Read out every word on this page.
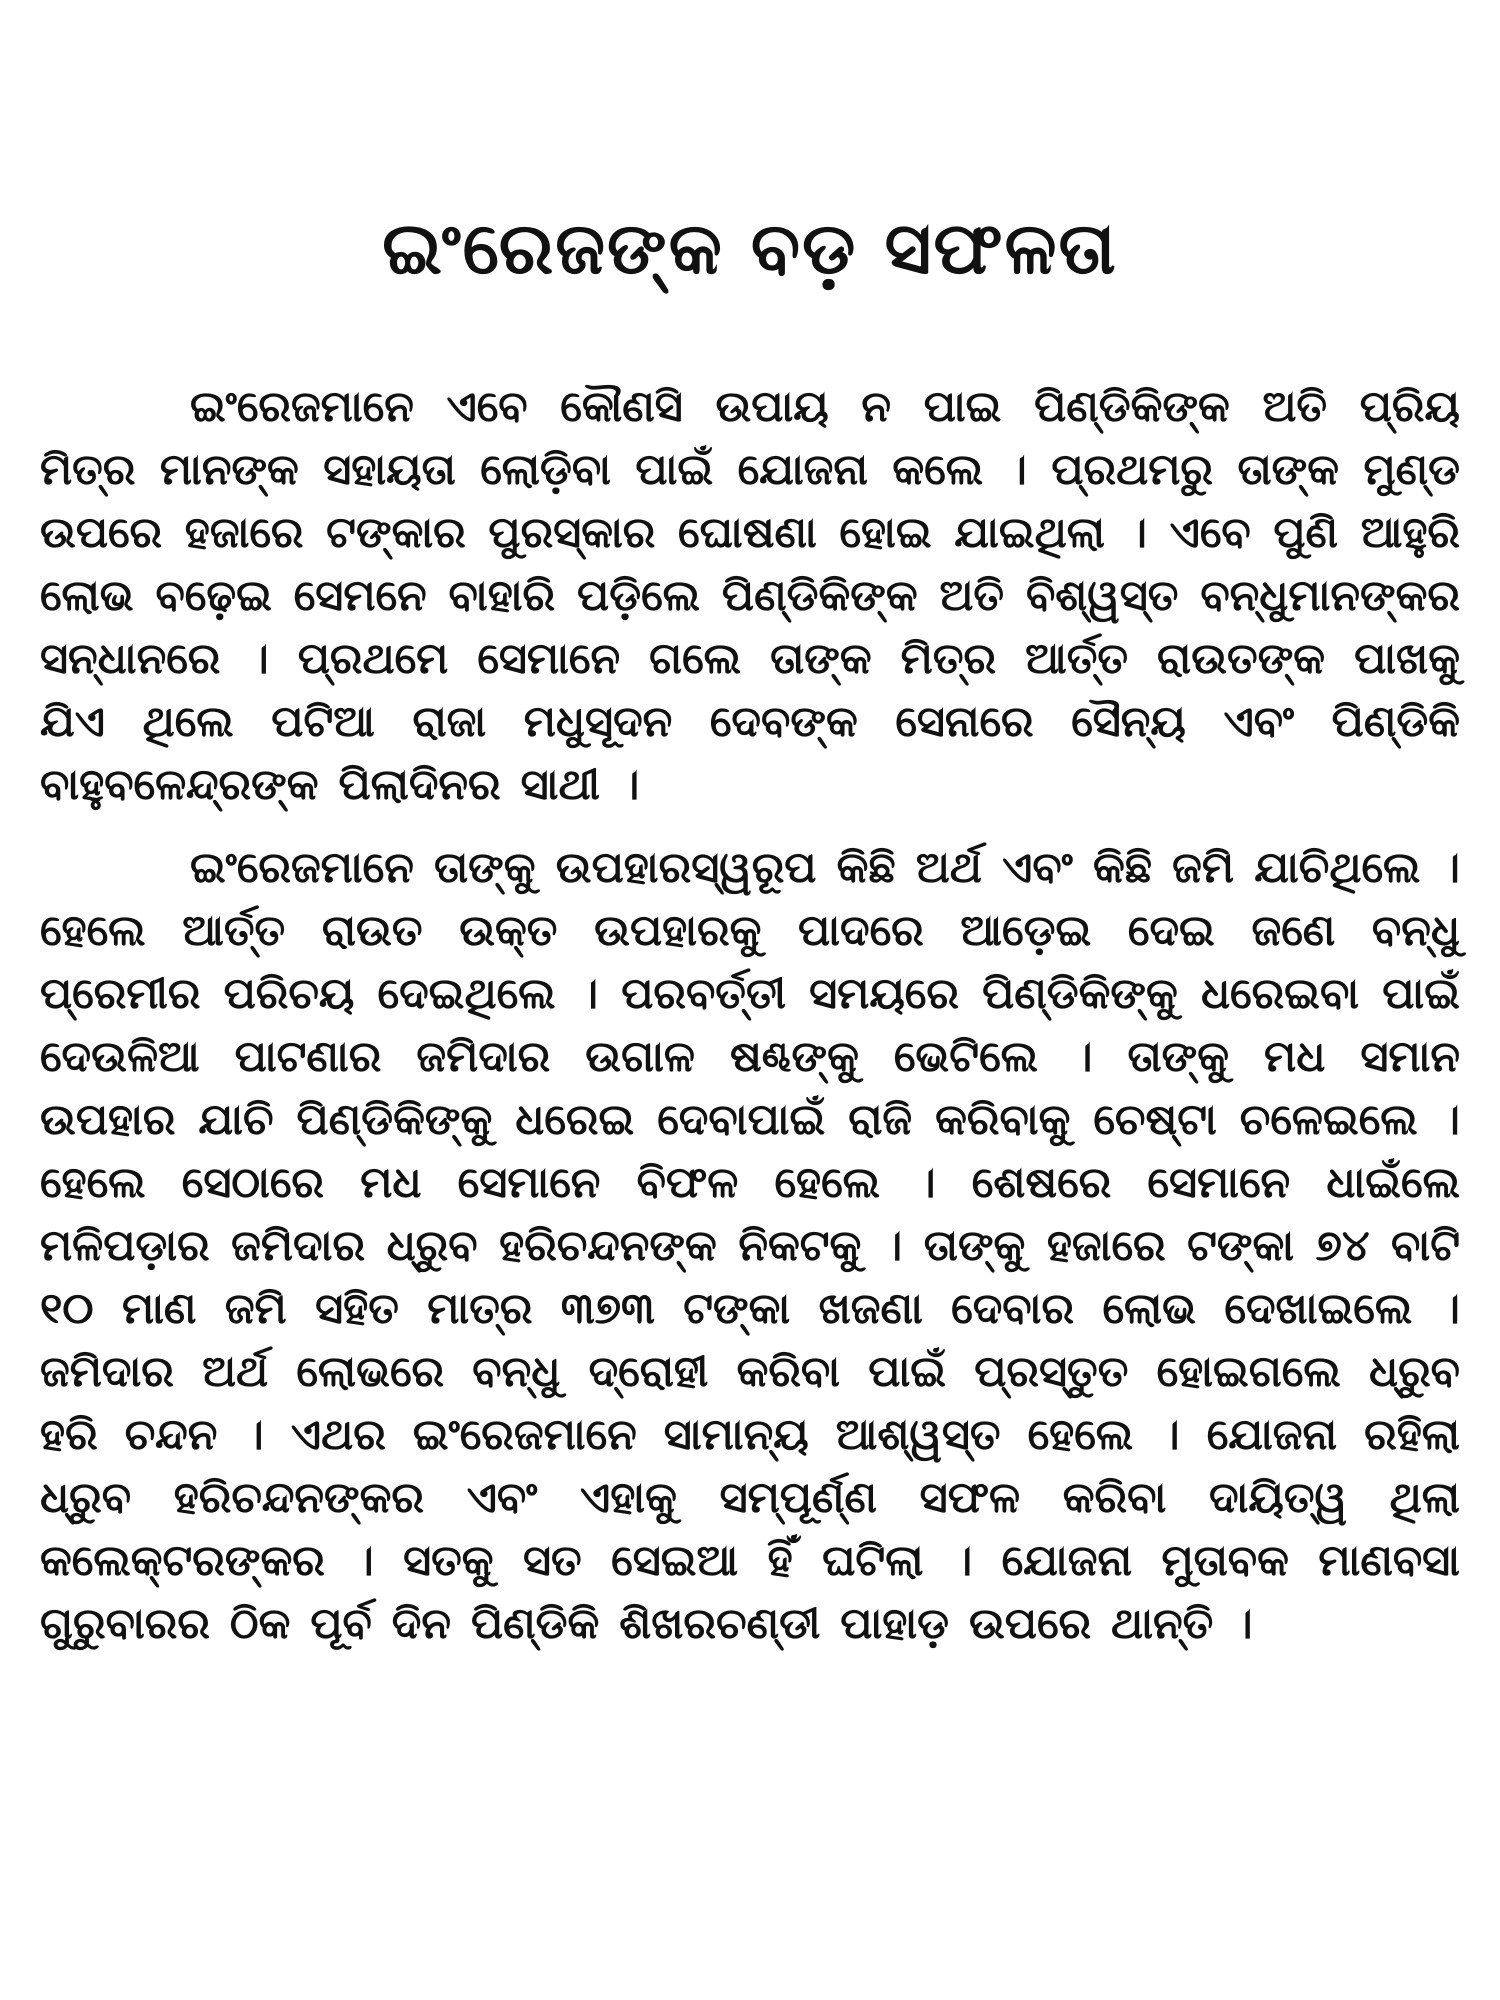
ଇଂରେଜଙ୍କ ବଡ଼ ସଫଳତା

ଇଂରେଜମାନେ ଏବେ କୌଣସି ଉପାୟ ନ ପାଇ ପିଣ୍ଡିକିଙ୍କ ଅତି ପ୍ରିୟ ମିତ୍ର ମାନଙ୍କ ସହାୟତା ଲୋଡ଼ିବା ପାଇଁ ଯୋଜନା କଲେ । ପ୍ରଥମରୁ ତାଙ୍କ ମୁଣ୍ଡ ଉପରେ ହଜାରେ ଟଙ୍କାର ପୁରସ୍କାର ଘୋଷଣା ହୋଇ ଯାଇଥିଲା । ଏବେ ପୁଣି ଆହୁରି ଲୋଭ ବଢ଼େଇ ସେମନେ ବାହାରି ପଡ଼ିଲେ ପିଣ୍ଡିକିଙ୍କ ଅତି ବିଶ୍ୱସ୍ତ ବନ୍ଧୁମାନଙ୍କର ସନ୍ଧାନରେ । ପ୍ରଥମେ ସେମାନେ ଗଲେ ତାଙ୍କ ମିତ୍ର ଆର୍ତ୍ତ ରାଉତଙ୍କ ପାଖକୁ ଯିଏ ଥିଲେ ପଟିଆ ରାଜା ମଧୁସୂଦନ ଦେବଙ୍କ ସେନାରେ ସୈନ୍ୟ ଏବଂ ପିଣ୍ଡିକି ବାହୁବଳେନ୍ଦ୍ରଙ୍କ ପିଲାଦିନର ସାଥୀ ।

ଇଂରେଜମାନେ ତାଙ୍କୁ ଉପହାରସ୍ୱରୂପ କିଛି ଅର୍ଥ ଏବଂ କିଛି ଜମି ଯାଚିଥିଲେ । ହେଲେ ଆର୍ତ୍ତ ରାଉତ ଉକ୍ତ ଉପହାରକୁ ପାଦରେ ଆଡ଼େଇ ଦେଇ ଜଣେ ବନ୍ଧୁ ପ୍ରେମୀର ପରିଚୟ ଦେଇଥିଲେ । ପରବର୍ତ୍ତୀ ସମୟରେ ପିଣ୍ଡିକିଙ୍କୁ ଧରେଇବା ପାଇଁ ଦେଉଳିଆ ପାଟଣାର ଜମିଦାର ଉଗାଳ ଷଣ୍ଢଙ୍କୁ ଭେଟିଲେ । ତାଙ୍କୁ ମଧ ସମାନ ଉପହାର ଯାଚି ପିଣ୍ଡିକିଙ୍କୁ ଧରେଇ ଦେବାପାଇଁ ରାଜି କରିବାକୁ ଚେଷ୍ଟା ଚଳେଇଲେ । ହେଲେ ସେଠାରେ ମଧ ସେମାନେ ବିଫଳ ହେଲେ । ଶେଷରେ ସେମାନେ ଧାଇଁଲେ ମଳିପଡ଼ାର ଜମିଦାର ଧ୍ରୁବ ହରିଚନ୍ଦନଙ୍କ ନିକଟକୁ । ତାଙ୍କୁ ହଜାରେ ଟଙ୍କା ୭୪ ବାଟି ୧୦ ମାଣ ଜମି ସହିତ ମାତ୍ର ୩୭୩ ଟଙ୍କା ଖଜଣା ଦେବାର ଲୋଭ ଦେଖାଇଲେ । ଜମିଦାର ଅର୍ଥ ଲୋଭରେ ବନ୍ଧୁ ଦ୍ରୋହୀ କରିବା ପାଇଁ ପ୍ରସ୍ତୁତ ହୋଇଗଲେ ଧ୍ରୁବ ହରି ଚନ୍ଦନ । ଏଥର ଇଂରେଜମାନେ ସାମାନ୍ୟ ଆଶ୍ୱସ୍ତ ହେଲେ । ଯୋଜନା ରହିଲା ଧ୍ରୁବ ହରିଚନ୍ଦନଙ୍କର ଏବଂ ଏହାକୁ ସମ୍ପୂର୍ଣ୍ଣ ସଫଳ କରିବା ଦାୟିତ୍ୱ ଥିଲା କଲେକ୍ଟରଙ୍କର । ସତକୁ ସତ ସେଇଆ ହିଁ ଘଟିଲା । ଯୋଜନା ମୁତାବକ ମାଣବସା ଗୁରୁବାରର ଠିକ ପୂର୍ବ ଦିନ ପିଣ୍ଡିକି ଶିଖରଚଣ୍ଡୀ ପାହାଡ଼ ଉପରେ ଥାନ୍ତି ।
